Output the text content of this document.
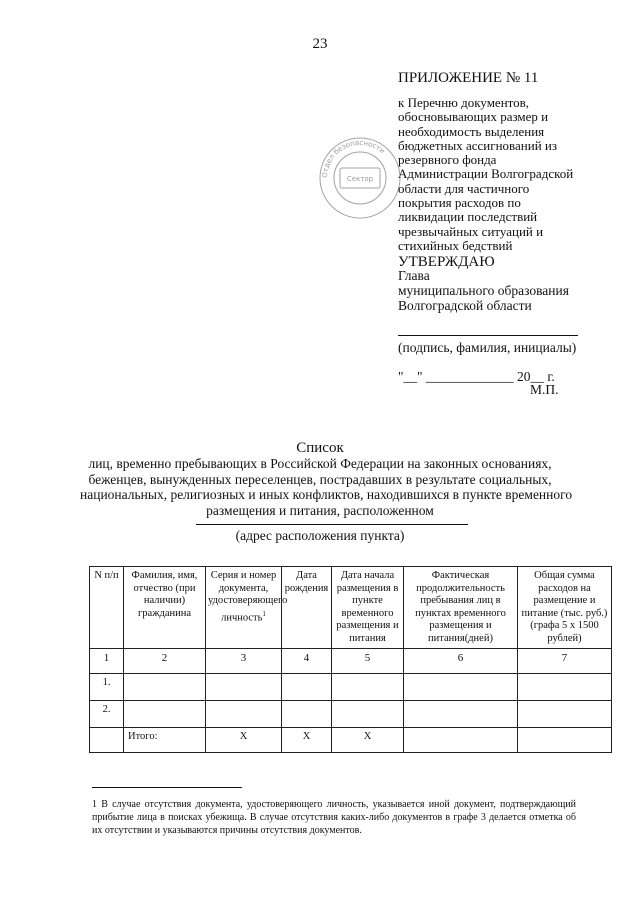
23
ПРИЛОЖЕНИЕ № 11
к Перечню документов,
обосновывающих размер и
необходимость выделения
бюджетных ассигнований из
резервного фонда
Администрации Волгоградской
области для частичного
покрытия расходов по
ликвидации последствий
чрезвычайных ситуаций и
стихийных бедствий
Отдел безопасности
Сектор
УТВЕРЖДАЮ
Глава
муниципального образования
Волгоградской области
(подпись, фамилия, инициалы)
"__" _____________ 20__ г.
М.П.
Список
лиц, временно пребывающих в Российской Федерации на законных основаниях,
беженцев, вынужденных переселенцев, пострадавших в результате социальных,
национальных, религиозных и иных конфликтов, находившихся в пункте временного
размещения и питания, расположенном
(адрес расположения пункта)
N п/п	Фамилия, имя, отчество (при наличии) гражданина	Серия и номер документа, удостоверяющего личность$^1$	Дата рождения	Дата начала размещения в пункте временного размещения и питания	Фактическая продолжительность пребывания лиц в пунктах временного размещения и питания(дней)	Общая сумма расходов на размещение и питание (тыс. руб.) (графа 5 х 1500 рублей)
1	2	3	4	5	6	7
1.						
2.						
	Итого:	X	X	X		
1 В случае отсутствия документа, удостоверяющего личность, указывается иной документ, подтверждающий прибытие лица в поисках убежища. В случае отсутствия каких-либо документов в графе 3 делается отметка об их отсутствии и указываются причины отсутствия документов.
